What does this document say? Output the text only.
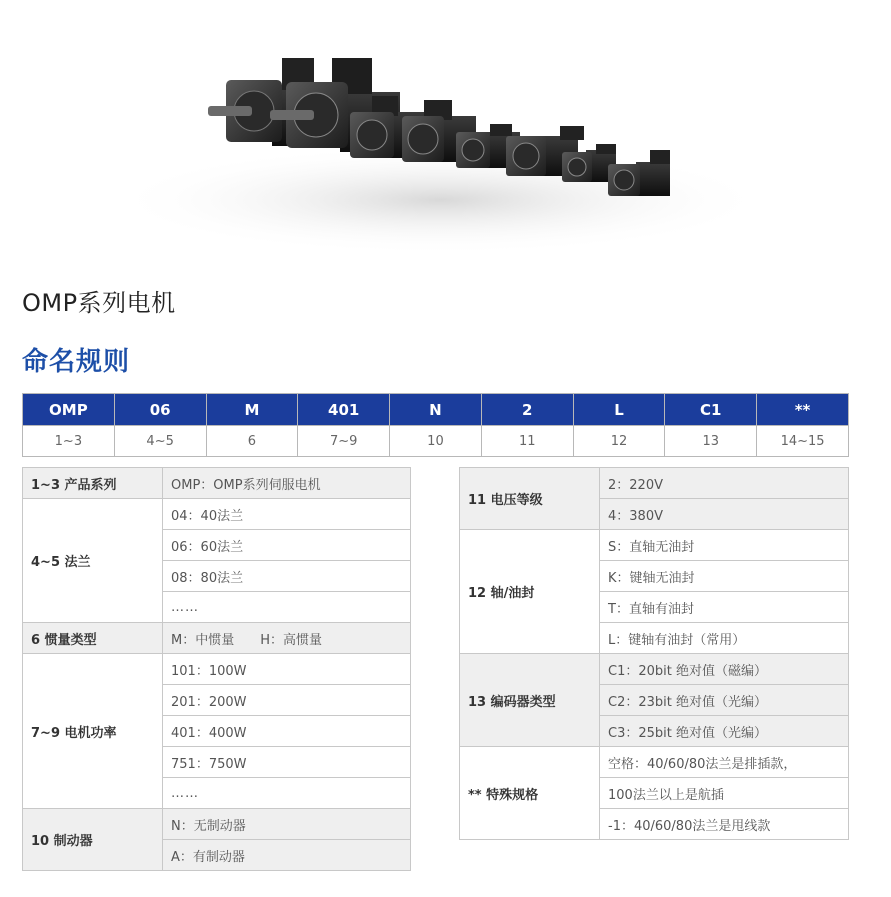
OMP系列电机
命名规则
OMP	06	M	401	N	2	L	C1	**
1~3	4~5	6	7~9	10	11	12	13	14~15
1~3 产品系列	OMP：OMP系列伺服电机
4~5 法兰	04：40法兰
	06：60法兰
	08：80法兰
	……
6 惯量类型	M：中惯量 H：高惯量
7~9 电机功率	101：100W
	201：200W
	401：400W
	751：750W
	……
10 制动器	N：无制动器
	A：有制动器
11 电压等级	2：220V
	4：380V
12 轴/油封	S：直轴无油封
	K：键轴无油封
	T：直轴有油封
	L：键轴有油封（常用）
13 编码器类型	C1：20bit 绝对值（磁编）
	C2：23bit 绝对值（光编）
	C3：25bit 绝对值（光编）
** 特殊规格	空格：40/60/80法兰是排插款，
	100法兰以上是航插
	-1：40/60/80法兰是甩线款
